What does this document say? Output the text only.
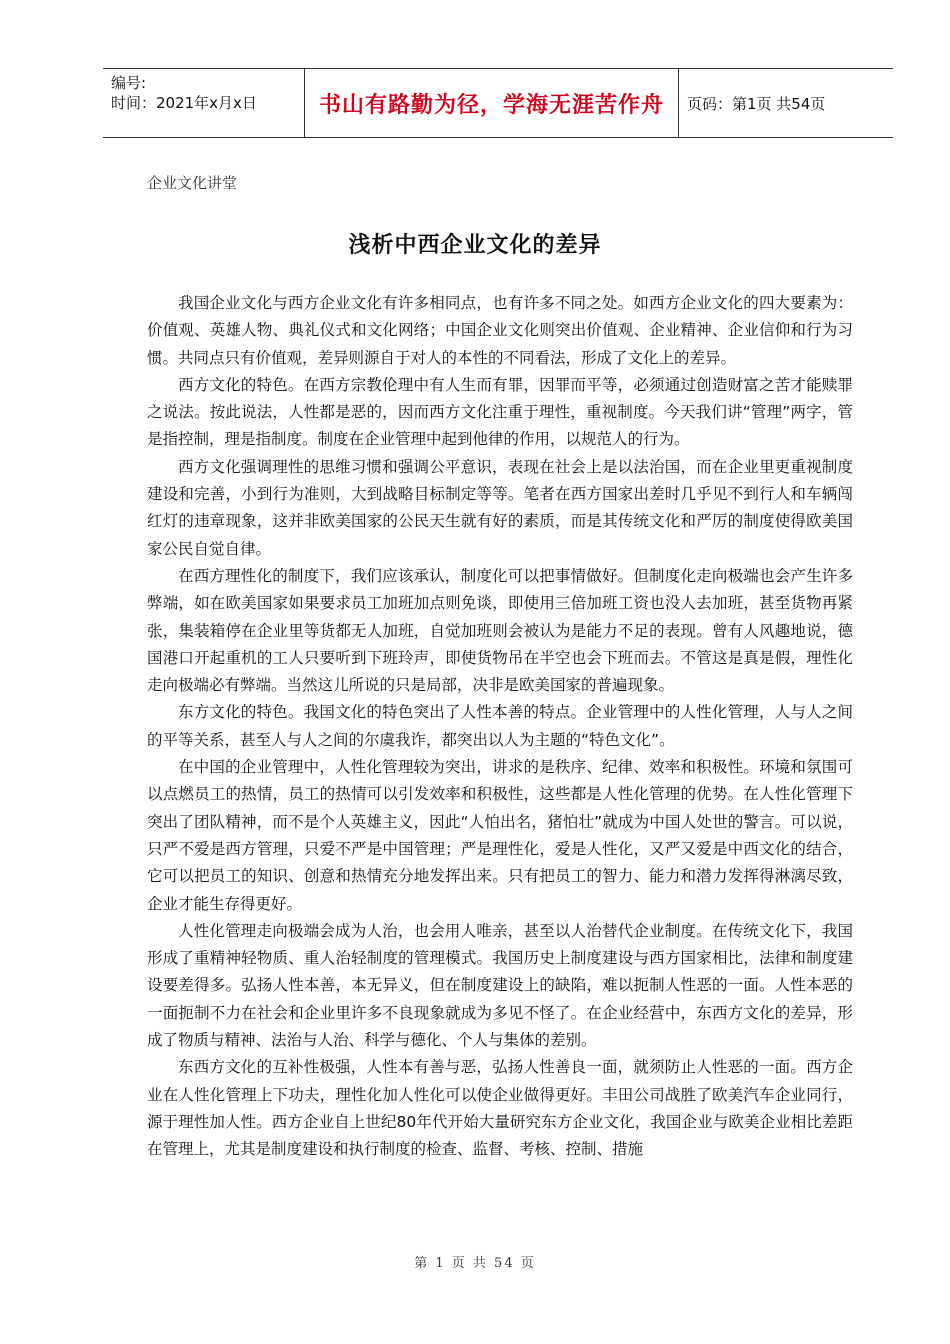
编号:
时间：2021年x月x日	书山有路勤为径，学海无涯苦作舟 页码：第1页 共54页
企业文化讲堂
浅析中西企业文化的差异

我国企业文化与西方企业文化有许多相同点，也有许多不同之处。如西方企业文化的四大要素为：价值观、英雄人物、典礼仪式和文化网络；中国企业文化则突出价值观、企业精神、企业信仰和行为习惯。共同点只有价值观，差异则源自于对人的本性的不同看法，形成了文化上的差异。

西方文化的特色。在西方宗教伦理中有人生而有罪，因罪而平等，必须通过创造财富之苦才能赎罪之说法。按此说法，人性都是恶的，因而西方文化注重于理性，重视制度。今天我们讲“管理”两字，管是指控制，理是指制度。制度在企业管理中起到他律的作用，以规范人的行为。

西方文化强调理性的思维习惯和强调公平意识，表现在社会上是以法治国，而在企业里更重视制度建设和完善，小到行为准则，大到战略目标制定等等。笔者在西方国家出差时几乎见不到行人和车辆闯红灯的违章现象，这并非欧美国家的公民天生就有好的素质，而是其传统文化和严厉的制度使得欧美国家公民自觉自律。

在西方理性化的制度下，我们应该承认，制度化可以把事情做好。但制度化走向极端也会产生许多弊端，如在欧美国家如果要求员工加班加点则免谈，即使用三倍加班工资也没人去加班，甚至货物再紧张，集装箱停在企业里等货都无人加班，自觉加班则会被认为是能力不足的表现。曾有人风趣地说，德国港口开起重机的工人只要听到下班玲声，即使货物吊在半空也会下班而去。不管这是真是假，理性化走向极端必有弊端。当然这儿所说的只是局部，决非是欧美国家的普遍现象。

东方文化的特色。我国文化的特色突出了人性本善的特点。企业管理中的人性化管理，人与人之间的平等关系，甚至人与人之间的尔虞我诈，都突出以人为主题的“特色文化”。

在中国的企业管理中，人性化管理较为突出，讲求的是秩序、纪律、效率和积极性。环境和氛围可以点燃员工的热情，员工的热情可以引发效率和积极性，这些都是人性化管理的优势。在人性化管理下突出了团队精神，而不是个人英雄主义，因此“人怕出名，猪怕壮”就成为中国人处世的警言。可以说，只严不爱是西方管理，只爱不严是中国管理；严是理性化，爱是人性化，又严又爱是中西文化的结合，它可以把员工的知识、创意和热情充分地发挥出来。只有把员工的智力、能力和潜力发挥得淋漓尽致，企业才能生存得更好。

人性化管理走向极端会成为人治，也会用人唯亲，甚至以人治替代企业制度。在传统文化下，我国形成了重精神轻物质、重人治轻制度的管理模式。我国历史上制度建设与西方国家相比，法律和制度建设要差得多。弘扬人性本善，本无异义，但在制度建设上的缺陷，难以扼制人性恶的一面。人性本恶的一面扼制不力在社会和企业里许多不良现象就成为多见不怪了。在企业经营中，东西方文化的差异，形成了物质与精神、法治与人治、科学与德化、个人与集体的差别。

东西方文化的互补性极强，人性本有善与恶，弘扬人性善良一面，就须防止人性恶的一面。西方企业在人性化管理上下功夫，理性化加人性化可以使企业做得更好。丰田公司战胜了欧美汽车企业同行，源于理性加人性。西方企业自上世纪80年代开始大量研究东方企业文化，我国企业与欧美企业相比差距在管理上，尤其是制度建设和执行制度的检查、监督、考核、控制、措施

第 1 页 共 54 页
